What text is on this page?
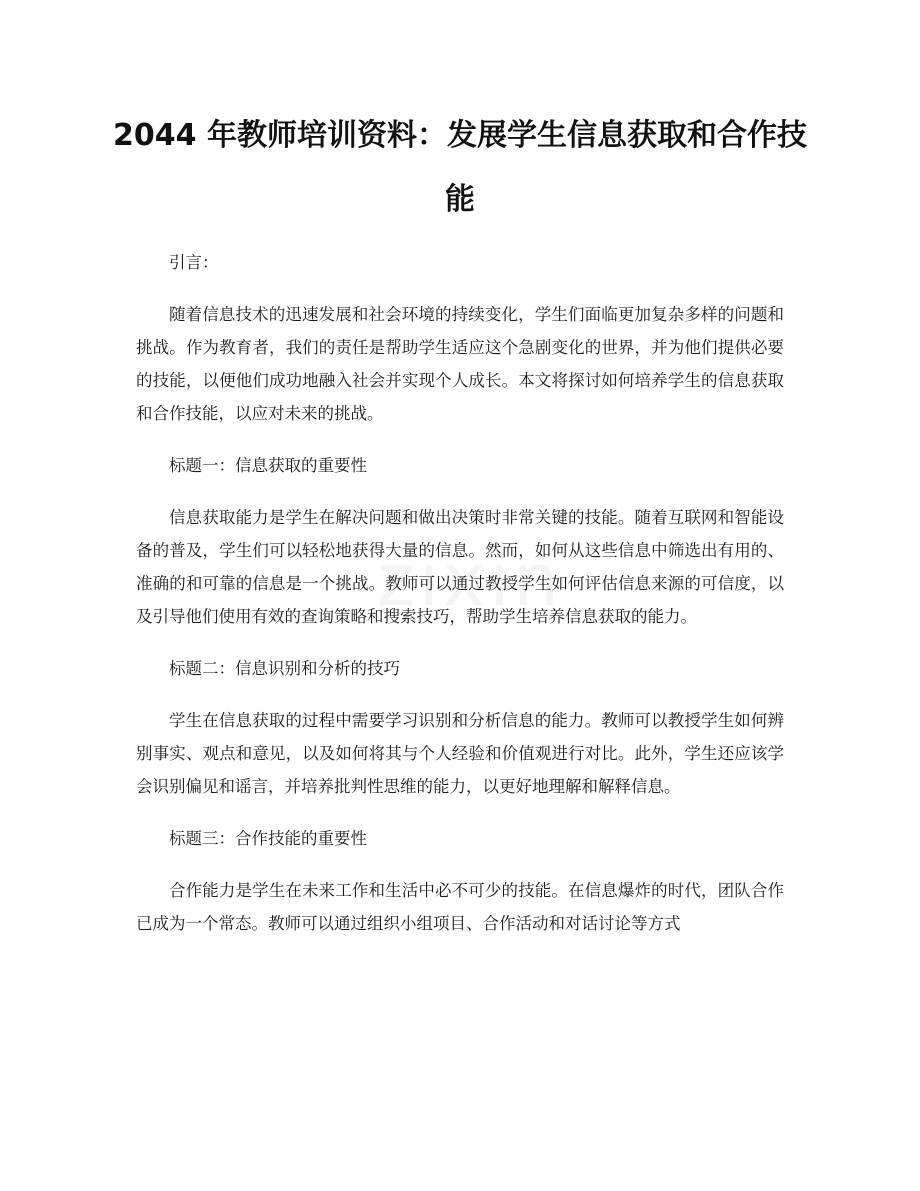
2044 年教师培训资料：发展学生信息获取和合作技能
zixin

引言：

随着信息技术的迅速发展和社会环境的持续变化，学生们面临更加复杂多样的问题和挑战。作为教育者，我们的责任是帮助学生适应这个急剧变化的世界，并为他们提供必要的技能，以便他们成功地融入社会并实现个人成长。本文将探讨如何培养学生的信息获取和合作技能，以应对未来的挑战。

标题一：信息获取的重要性

信息获取能力是学生在解决问题和做出决策时非常关键的技能。随着互联网和智能设备的普及，学生们可以轻松地获得大量的信息。然而，如何从这些信息中筛选出有用的、准确的和可靠的信息是一个挑战。教师可以通过教授学生如何评估信息来源的可信度，以及引导他们使用有效的查询策略和搜索技巧，帮助学生培养信息获取的能力。

标题二：信息识别和分析的技巧

学生在信息获取的过程中需要学习识别和分析信息的能力。教师可以教授学生如何辨别事实、观点和意见，以及如何将其与个人经验和价值观进行对比。此外，学生还应该学会识别偏见和谣言，并培养批判性思维的能力，以更好地理解和解释信息。

标题三：合作技能的重要性

合作能力是学生在未来工作和生活中必不可少的技能。在信息爆炸的时代，团队合作已成为一个常态。教师可以通过组织小组项目、合作活动和对话讨论等方式
